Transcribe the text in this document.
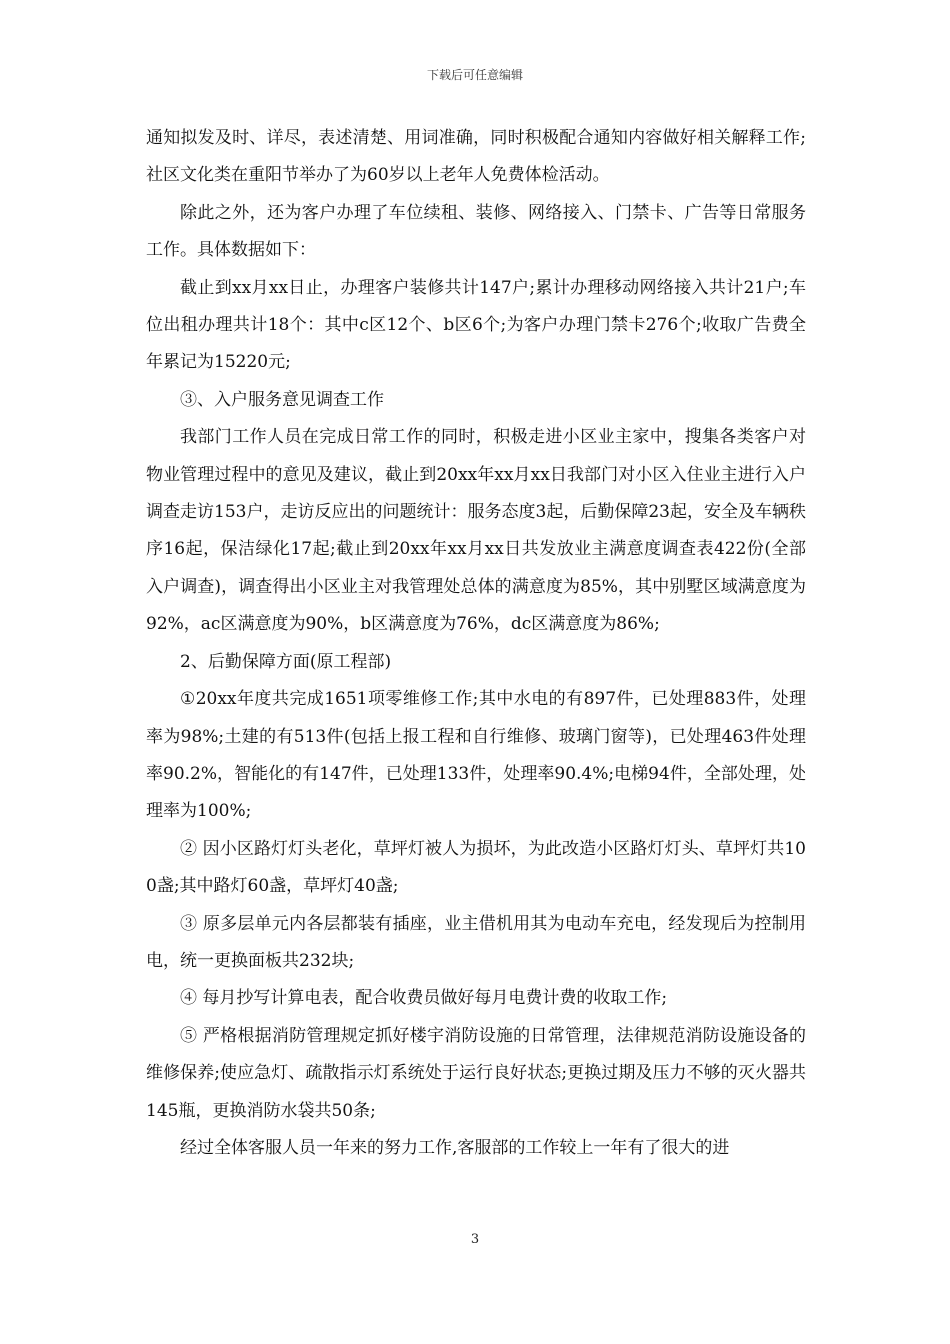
下载后可任意编辑

通知拟发及时、详尽，表述清楚、用词准确，同时积极配合通知内容做好相关解释工作;社区文化类在重阳节举办了为60岁以上老年人免费体检活动。

除此之外，还为客户办理了车位续租、装修、网络接入、门禁卡、广告等日常服务工作。具体数据如下：

截止到xx月xx日止，办理客户装修共计147户;累计办理移动网络接入共计21户;车位出租办理共计18个：其中c区12个、b区6个;为客户办理门禁卡276个;收取广告费全年累记为15220元;

③、入户服务意见调查工作

我部门工作人员在完成日常工作的同时，积极走进小区业主家中，搜集各类客户对物业管理过程中的意见及建议，截止到20xx年xx月xx日我部门对小区入住业主进行入户调查走访153户，走访反应出的问题统计：服务态度3起，后勤保障23起，安全及车辆秩序16起，保洁绿化17起;截止到20xx年xx月xx日共发放业主满意度调查表422份(全部入户调查)，调查得出小区业主对我管理处总体的满意度为85%，其中别墅区域满意度为92%，ac区满意度为90%，b区满意度为76%，dc区满意度为86%;

2、后勤保障方面(原工程部)

①20xx年度共完成1651项零维修工作;其中水电的有897件，已处理883件，处理率为98%;土建的有513件(包括上报工程和自行维修、玻璃门窗等)，已处理463件处理率90.2%，智能化的有147件，已处理133件，处理率90.4%;电梯94件，全部处理，处理率为100%;

② 因小区路灯灯头老化，草坪灯被人为损坏，为此改造小区路灯灯头、草坪灯共100盏;其中路灯60盏，草坪灯40盏;

③ 原多层单元内各层都装有插座，业主借机用其为电动车充电，经发现后为控制用电，统一更换面板共232块;

④ 每月抄写计算电表，配合收费员做好每月电费计费的收取工作;

⑤ 严格根据消防管理规定抓好楼宇消防设施的日常管理，法律规范消防设施设备的维修保养;使应急灯、疏散指示灯系统处于运行良好状态;更换过期及压力不够的灭火器共145瓶，更换消防水袋共50条;

经过全体客服人员一年来的努力工作,客服部的工作较上一年有了很大的进

3
